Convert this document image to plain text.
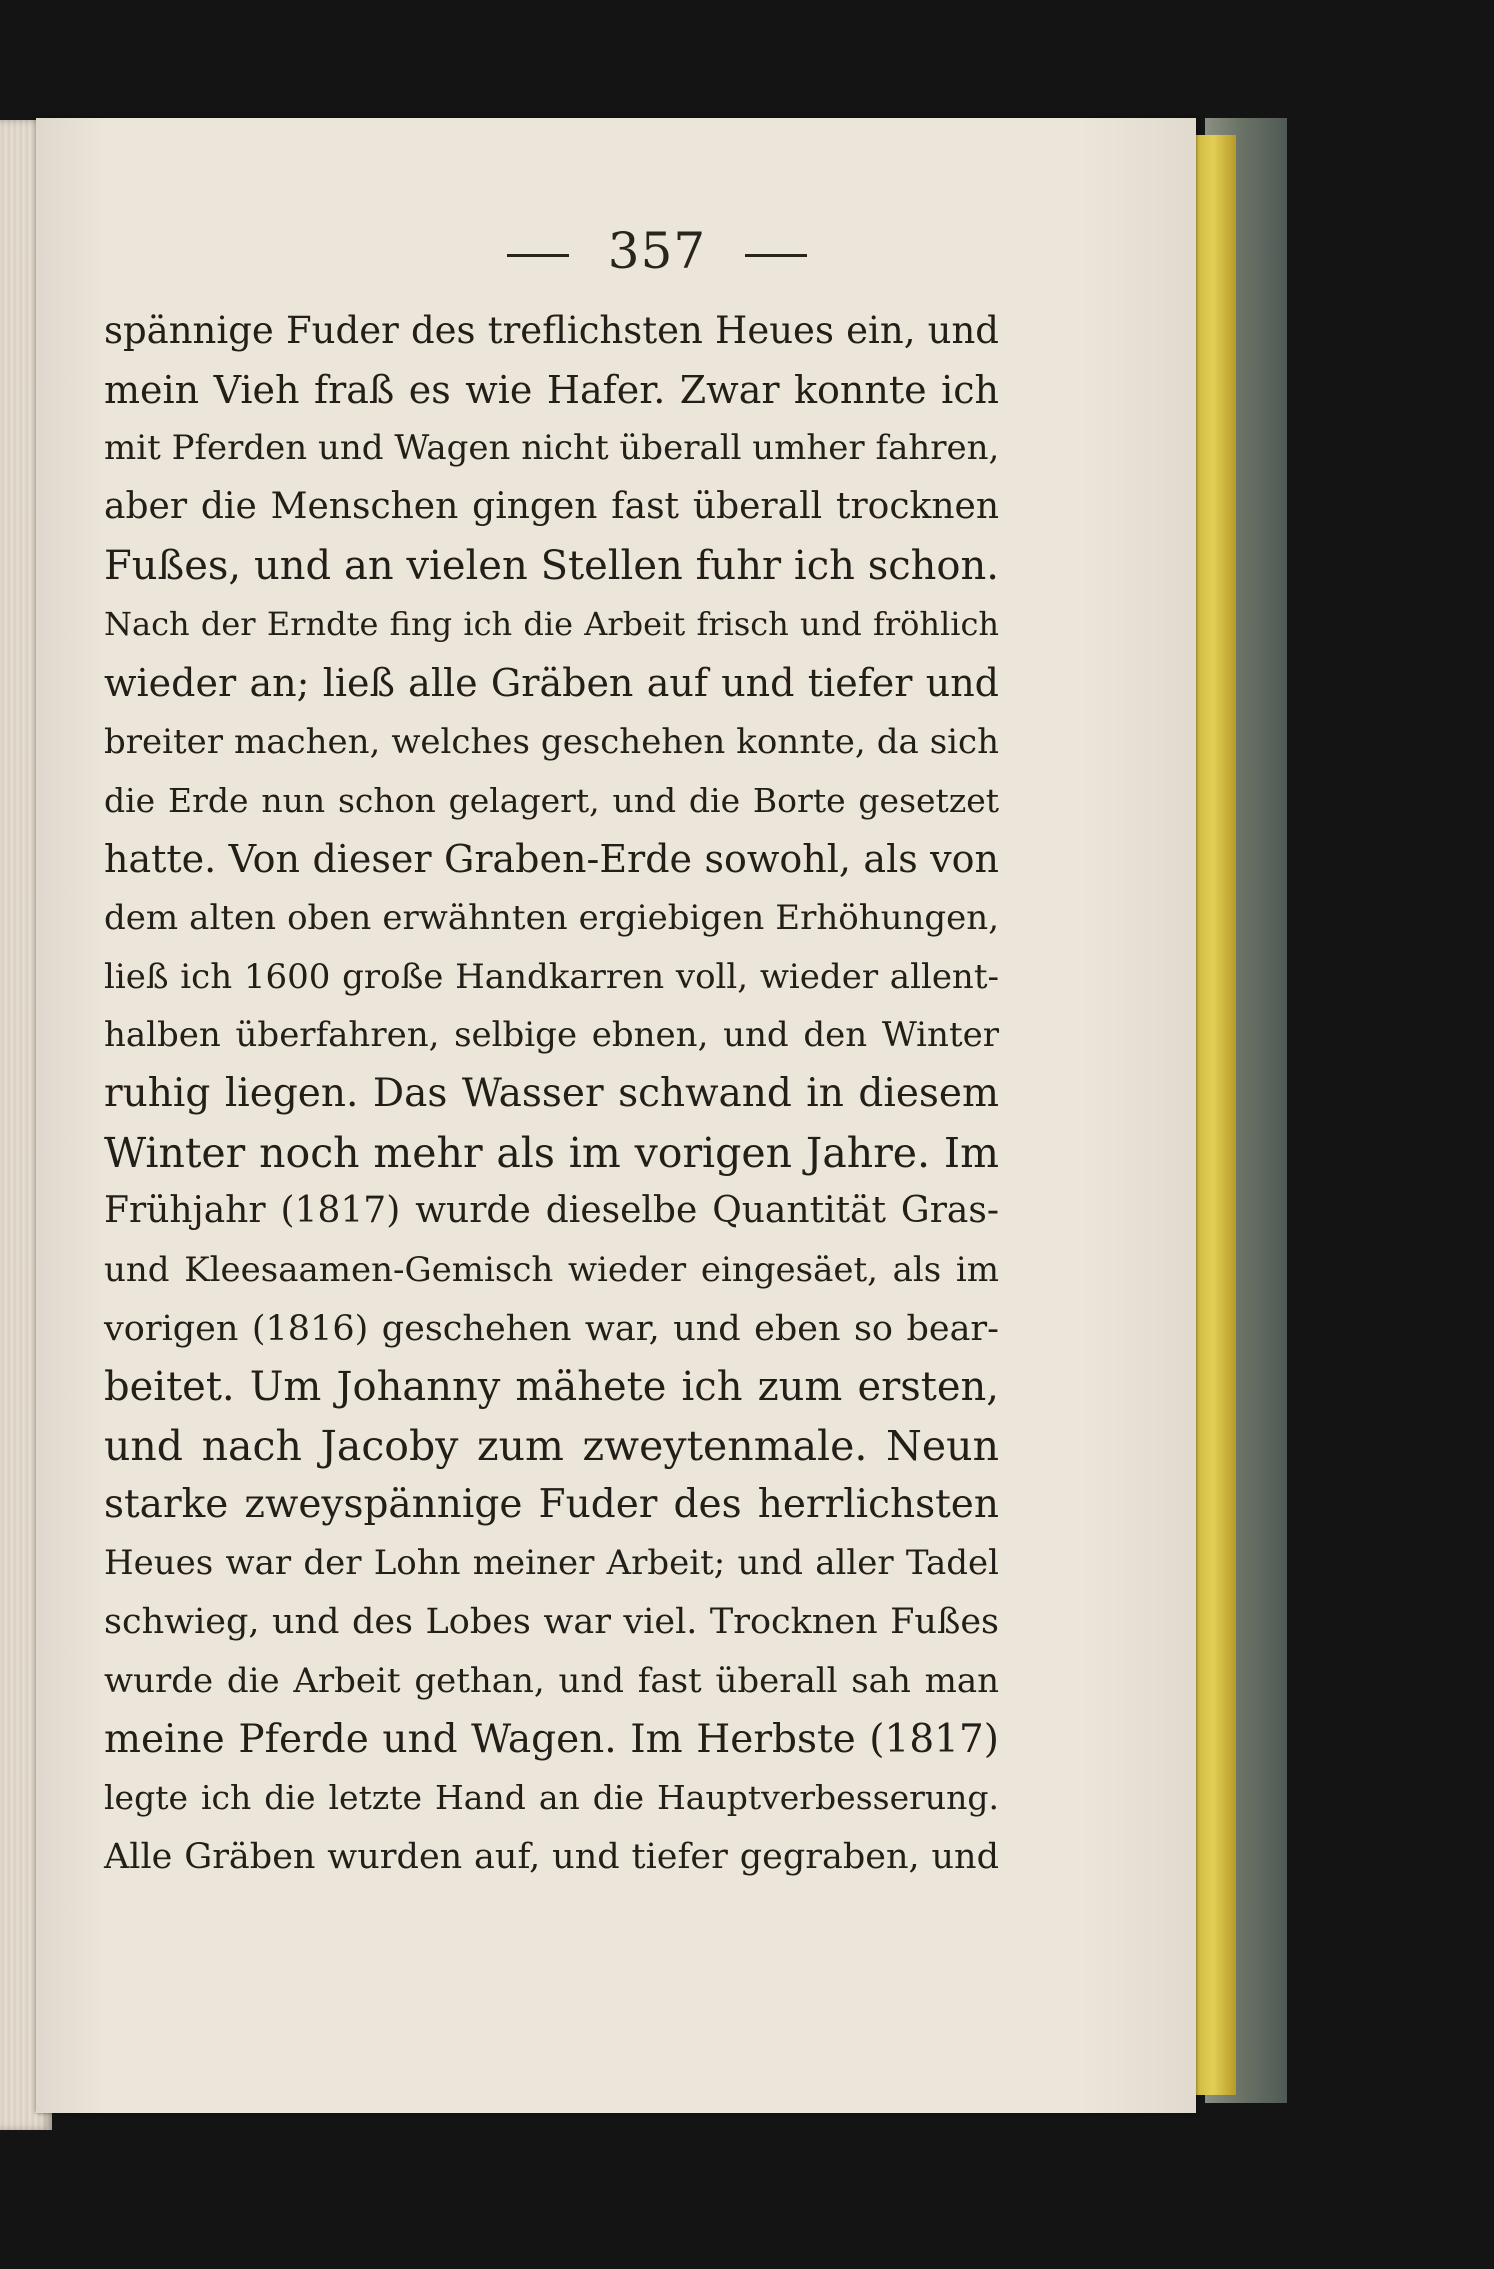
357
spännige Fuder des treflichsten Heues ein, und
mein Vieh fraß es wie Hafer. Zwar konnte ich
mit Pferden und Wagen nicht überall umher fahren,
aber die Menschen gingen fast überall trocknen
Fußes, und an vielen Stellen fuhr ich schon.
Nach der Erndte fing ich die Arbeit frisch und fröhlich
wieder an; ließ alle Gräben auf und tiefer und
breiter machen, welches geschehen konnte, da sich
die Erde nun schon gelagert, und die Borte gesetzet
hatte. Von dieser Graben-Erde sowohl, als von
dem alten oben erwähnten ergiebigen Erhöhungen,
ließ ich 1600 große Handkarren voll, wieder allent-
halben überfahren, selbige ebnen, und den Winter
ruhig liegen. Das Wasser schwand in diesem
Winter noch mehr als im vorigen Jahre. Im
Frühjahr (1817) wurde dieselbe Quantität Gras-
und Kleesaamen-Gemisch wieder eingesäet, als im
vorigen (1816) geschehen war, und eben so bear-
beitet. Um Johanny mähete ich zum ersten,
und nach Jacoby zum zweytenmale. Neun
starke zweyspännige Fuder des herrlichsten
Heues war der Lohn meiner Arbeit; und aller Tadel
schwieg, und des Lobes war viel. Trocknen Fußes
wurde die Arbeit gethan, und fast überall sah man
meine Pferde und Wagen. Im Herbste (1817)
legte ich die letzte Hand an die Hauptverbesserung.
Alle Gräben wurden auf, und tiefer gegraben, und
